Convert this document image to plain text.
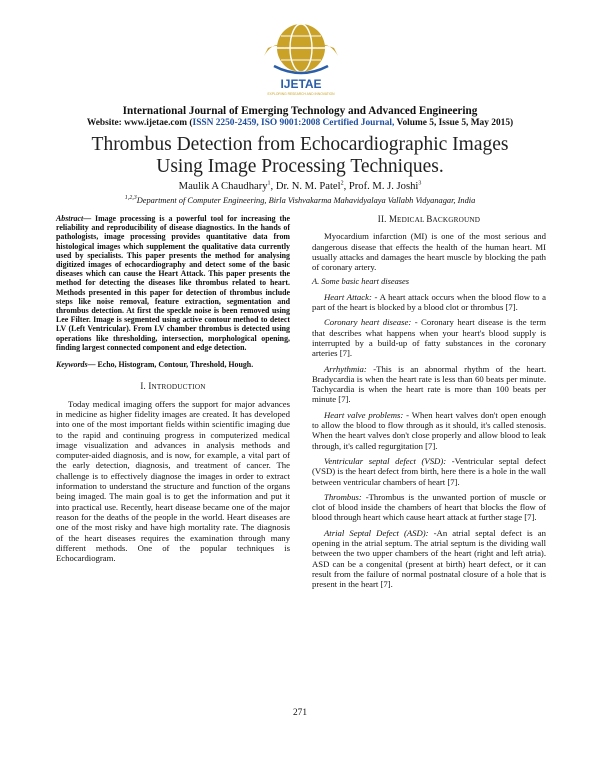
IJETAE
EXPLORING RESEARCH AND INNOVATION
International Journal of Emerging Technology and Advanced Engineering
Website: www.ijetae.com (ISSN 2250-2459, ISO 9001:2008 Certified Journal, Volume 5, Issue 5, May 2015)
Thrombus Detection from Echocardiographic Images
Using Image Processing Techniques.
Maulik A Chaudhary$^1$, Dr. N. M. Patel$^2$, Prof. M. J. Joshi$^3$
$^{1,2,3}$Department of Computer Engineering, Birla Vishvakarma Mahavidyalaya Vallabh Vidyanagar, India
Abstract— Image processing is a powerful tool for increasing the reliability and reproducibility of disease diagnostics. In the hands of pathologists, image processing provides quantitative data from histological images which supplement the qualitative data currently used by specialists. This paper presents the method for analysing digitized images of echocardiography and detect some of the basic diseases which can cause the Heart Attack. This paper presents the method for detecting the diseases like thrombus related to heart. Methods presented in this paper for detection of thrombus include steps like noise removal, feature extraction, segmentation and thrombus detection. At first the speckle noise is been removed using Lee Filter. Image is segmented using active contour method to detect LV (Left Ventricular). From LV chamber thrombus is detected using operations like thresholding, intersection, morphological opening, finding largest connected component and edge detection.
Keywords— Echo, Histogram, Contour, Threshold, Hough.
I. INTRODUCTION

Today medical imaging offers the support for major advances in medicine as higher fidelity images are created. It has developed into one of the most important fields within scientific imaging due to the rapid and continuing progress in computerized medical image visualization and advances in analysis methods and computer-aided diagnosis, and is now, for example, a vital part of the early detection, diagnosis, and treatment of cancer. The challenge is to effectively diagnose the images in order to extract information to understand the structure and function of the organs being imaged. The main goal is to get the information and put it into practical use. Recently, heart disease became one of the major reason for the deaths of the people in the world. Heart diseases are one of the most risky and have high mortality rate. The diagnosis of the heart diseases requires the examination through many different methods. One of the popular techniques is Echocardiogram.

II. MEDICAL BACKGROUND

Myocardium infarction (MI) is one of the most serious and dangerous disease that effects the health of the human heart. MI usually attacks and damages the heart muscle by blocking the path of coronary artery.

A. Some basic heart diseases

Heart Attack: - A heart attack occurs when the blood flow to a part of the heart is blocked by a blood clot or thrombus [7].

Coronary heart disease: - Coronary heart disease is the term that describes what happens when your heart's blood supply is interrupted by a build-up of fatty substances in the coronary arteries [7].

Arrhythmia: -This is an abnormal rhythm of the heart. Bradycardia is when the heart rate is less than 60 beats per minute. Tachycardia is when the heart rate is more than 100 beats per minute [7].

Heart valve problems: - When heart valves don't open enough to allow the blood to flow through as it should, it's called stenosis. When the heart valves don't close properly and allow blood to leak through, it's called regurgitation [7].

Ventricular septal defect (VSD): -Ventricular septal defect (VSD) is the heart defect from birth, here there is a hole in the wall between ventricular chambers of heart [7].

Thrombus: -Thrombus is the unwanted portion of muscle or clot of blood inside the chambers of heart that blocks the flow of blood through heart which cause heart attack at further stage [7].

Atrial Septal Defect (ASD): -An atrial septal defect is an opening in the atrial septum. The atrial septum is the dividing wall between the two upper chambers of the heart (right and left atria). ASD can be a congenital (present at birth) heart defect, or it can result from the failure of normal postnatal closure of a hole that is present in the heart [7].

271
